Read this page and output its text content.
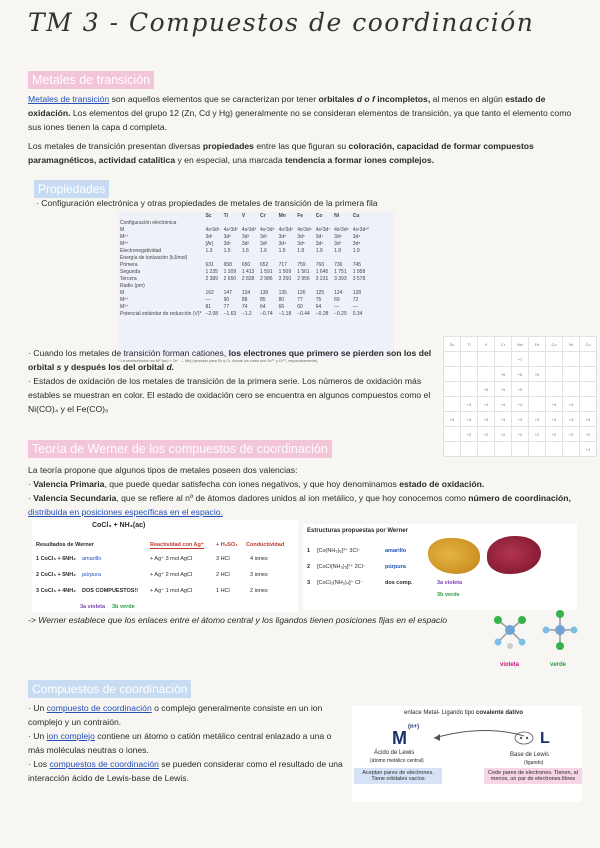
TM 3 - Compuestos de coordinación
Metales de transición
Metales de transición son aquellos elementos que se caracterizan por tener orbitales d o f incompletos, al menos en algún estado de oxidación. Los elementos del grupo 12 (Zn, Cd y Hg) generalmente no se consideran elementos de transición, ya que tanto el elemento como sus iones tienen la capa d completa.
Los metales de transición presentan diversas propiedades entre las que figuran su coloración, capacidad de formar compuestos paramagnéticos, actividad catalítica y en especial, una marcada tendencia a formar iones complejos.
Propiedades
· Configuración electrónica y otras propiedades de metales de transición de la primera fila
	Sc	Ti	V	Cr	Mn	Fe	Co	Ni	Cu
Configuración electrónica									
M	4s²3d¹	4s²3d²	4s²3d³	4s¹3d⁵	4s²3d⁵	4s²3d⁶	4s²3d⁷	4s²3d⁸	4s¹3d¹⁰
M²⁺	3d¹	3d²	3d³	3d⁴	3d⁵	3d⁶	3d⁷	3d⁸	3d⁹
M³⁺	[Ar]	3d¹	3d²	3d³	3d⁴	3d⁵	3d⁶	3d⁷	3d⁸
Electronegatividad	1.3	1.5	1.6	1.6	1.5	1.8	1.9	1.9	1.9
Energía de ionización (kJ/mol)									
Primera	631	658	650	652	717	759	760	736	745
Segunda	1 235	1 309	1 413	1 591	1 509	1 561	1 645	1 751	1 958
Tercera	2 389	2 650	2 828	2 986	3 250	2 956	3 231	3 393	3 578
Radio (pm)									
M	162	147	134	130	135	126	125	124	128
M²⁺	—	90	88	85	80	77	75	69	72
M³⁺	81	77	74	64	66	60	64	—	—
Potencial estándar de reducción (V)*	−2.08	−1.63	−1.2	−0.74	−1.18	−0.44	−0.28	−0.25	0.34
* La semirreacción es M²⁺(ac) + 2e⁻ → M(s) (excepto para Sc y Cr, donde los iones son Sc³⁺ y Cr³⁺, respectivamente).
Sc	Ti	V	Cr	Mn	Fe	Co	Ni	Cu
				+7				
			+6	+6	+6			
		+5	+5	+5				
	+4	+4	+4	+4		+4	+4	
+3	+3	+3	+3	+3	+3	+3	+3	+3
	+2	+2	+2	+2	+2	+2	+2	+2
								+1
· Cuando los metales de transición forman cationes, los electrones que primero se pierden son los del orbital s y después los del orbital d.
· Estados de oxidación de los metales de transición de la primera serie. Los números de oxidación más estables se muestran en color. El estado de oxidación cero se encuentra en algunos compuestos como el Ni(CO)₄ y el Fe(CO)₅
Teoría de Werner de los compuestos de coordinación
La teoría propone que algunos tipos de metales poseen dos valencias:
· Valencia Primaria, que puede quedar satisfecha con iones negativos, y que hoy denominamos estado de oxidación.
· Valencia Secundaria, que se refiere al nº de átomos dadores unidos al ion metálico, y que hoy conocemos como número de coordinación, distribuida en posiciones específicas en el espacio.
CoCl₃ + NH₃(ac)
Resultados de Werner	Reactividad con Ag⁺ + H₂SO₄ Conductividad
1 CoCl₃ + 6NH₃ amarillo	+ Ag⁺ 3 mol AgCl	3 HCl	4 iones
2 CoCl₃ + 5NH₃ púrpura	+ Ag⁺ 2 mol AgCl	2 HCl	3 iones
3 CoCl₃ + 4NH₃ DOS COMPUESTOS!! + Ag⁺ 1 mol AgCl	1 HCl	2 iones
3a violeta 3b verde
Estructuras propuestas por Werner
1 [Co(NH₃)₆]³⁺ 3Cl⁻	amarillo
2 [CoCl(NH₃)₅]²⁺ 2Cl⁻	púrpura
3 [CoCl₂(NH₃)₄]⁺ Cl⁻	dos comp.	3a violeta
3b verde
-> Werner establece que los enlaces entre el átomo central y los ligandos tienen posiciones fijas en el espacio
violeta	verde
Compuestos de coordinación
· Un compuesto de coordinación o complejo generalmente consiste en un ion complejo y un contraión.
· Un ion complejo contiene un átomo o catión metálico central enlazado a una o más moléculas neutras o iones.
· Los compuestos de coordinación se pueden considerar como el resultado de una interacción ácido de Lewis-base de Lewis.
enlace Metal- Ligando tipo covalente dativo
M
(n+)
L
Ácido de Lewis
(átomo metálico central)
Base de Lewis
(ligando)
Aceptan pares de electrones. Tiene orbitales vacíos
Cede pares de electrones. Tienen, al menos, un par de electrones libres
